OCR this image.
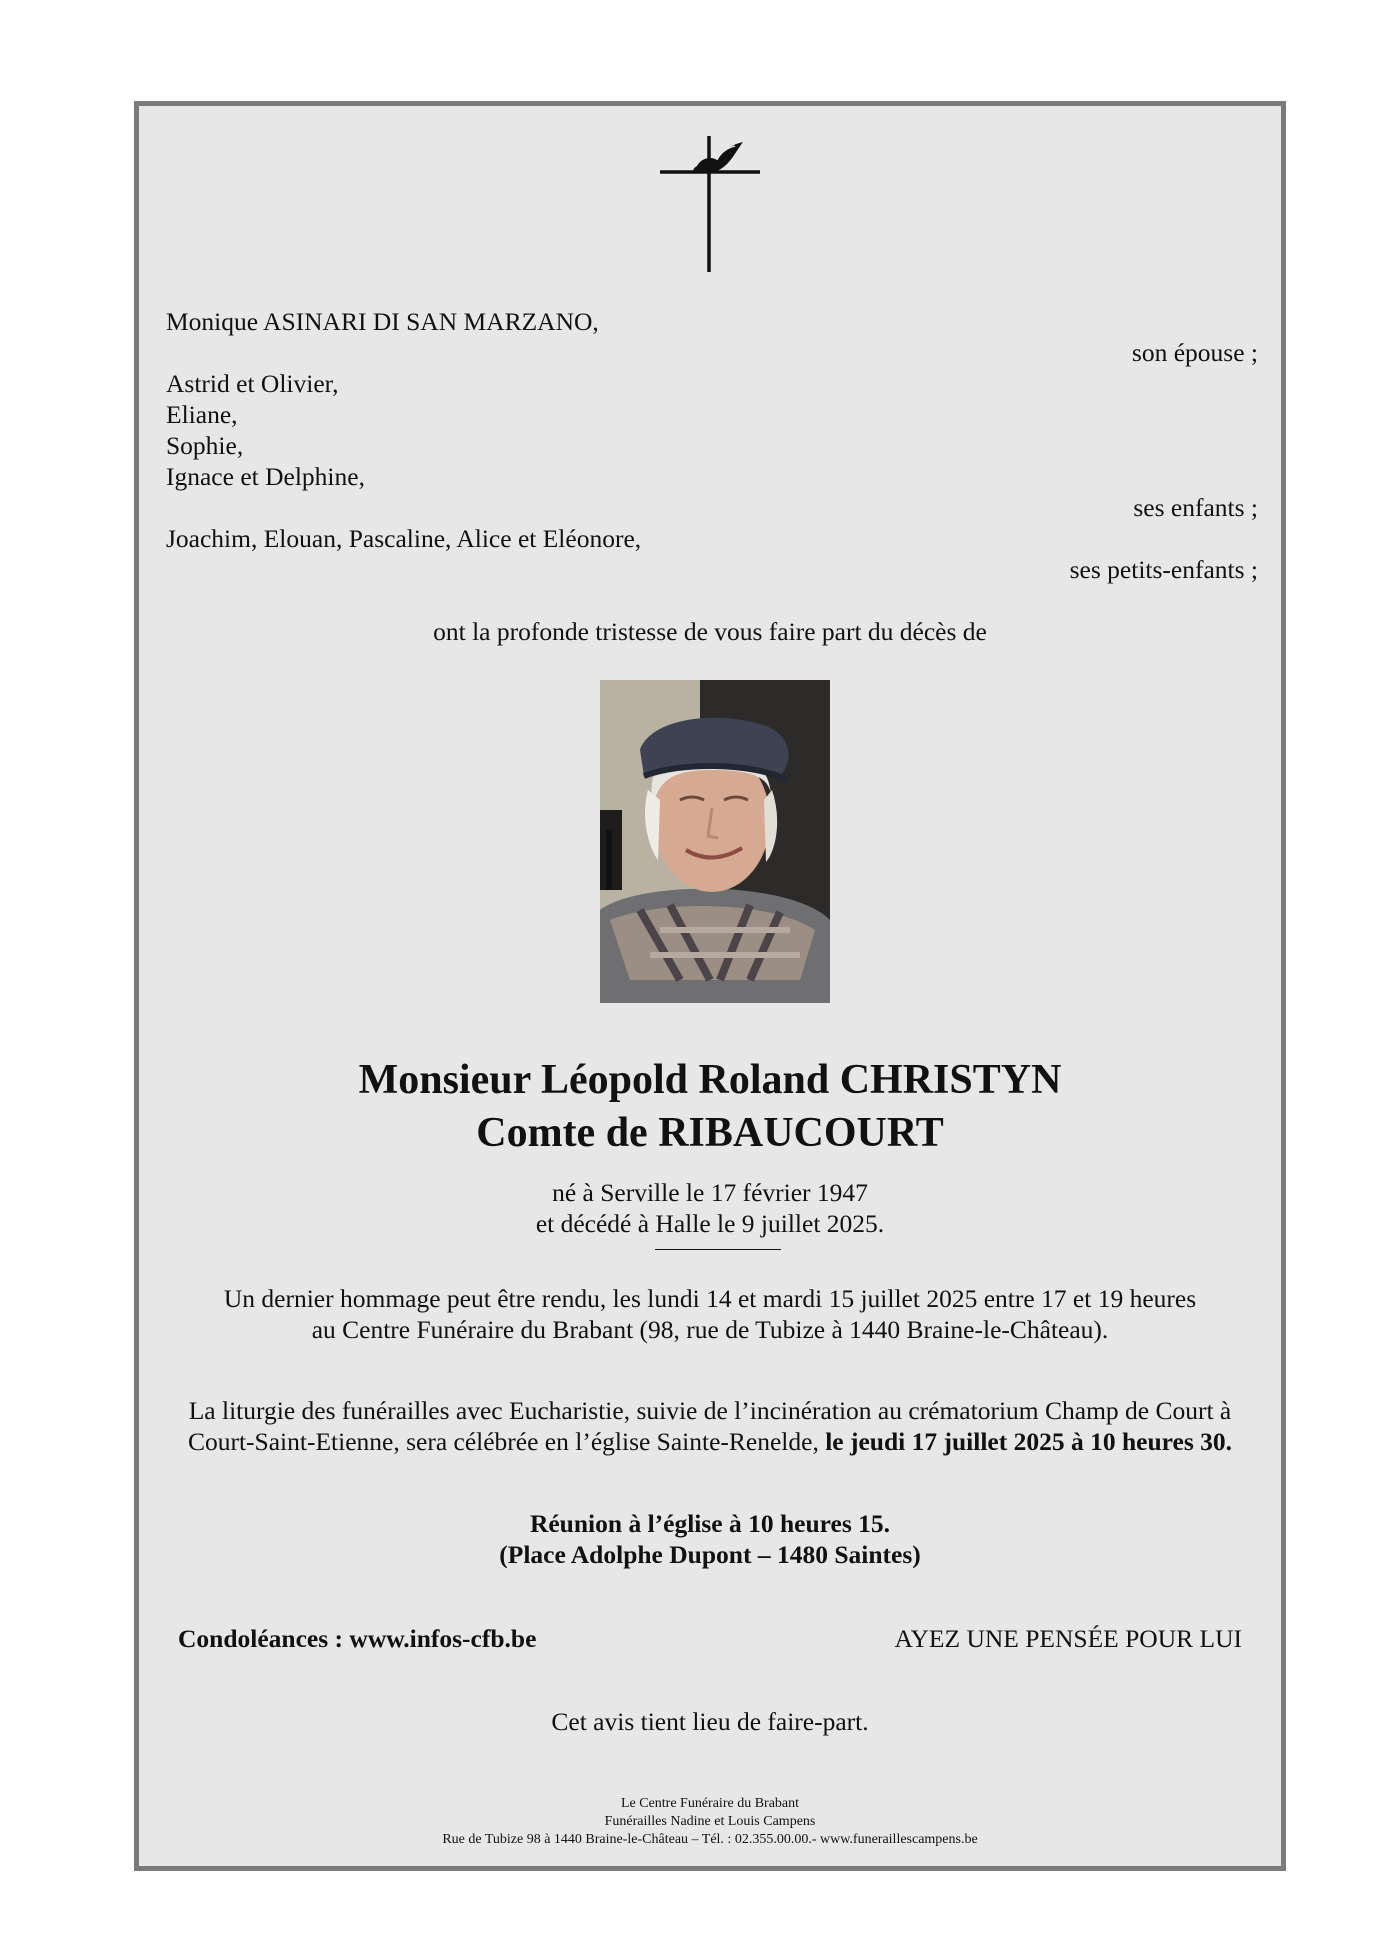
Monique ASINARI DI SAN MARZANO,
son épouse ;
Astrid et Olivier,
Eliane,
Sophie,
Ignace et Delphine,
ses enfants ;
Joachim, Elouan, Pascaline, Alice et Eléonore,
ses petits-enfants ;
ont la profonde tristesse de vous faire part du décès de
Monsieur Léopold Roland CHRISTYN
Comte de RIBAUCOURT
né à Serville le 17 février 1947
et décédé à Halle le 9 juillet 2025.
Un dernier hommage peut être rendu, les lundi 14 et mardi 15 juillet 2025 entre 17 et 19 heures
au Centre Funéraire du Brabant (98, rue de Tubize à 1440 Braine-le-Château).
La liturgie des funérailles avec Eucharistie, suivie de l’incinération au crématorium Champ de Court à
Court-Saint-Etienne, sera célébrée en l’église Sainte-Renelde, le jeudi 17 juillet 2025 à 10 heures 30.
Réunion à l’église à 10 heures 15.
(Place Adolphe Dupont – 1480 Saintes)
Condoléances : www.infos-cfb.be	AYEZ UNE PENSÉE POUR LUI
Cet avis tient lieu de faire-part.
Le Centre Funéraire du Brabant
Funérailles Nadine et Louis Campens
Rue de Tubize 98 à 1440 Braine-le-Château – Tél. : 02.355.00.00.- www.funeraillescampens.be
